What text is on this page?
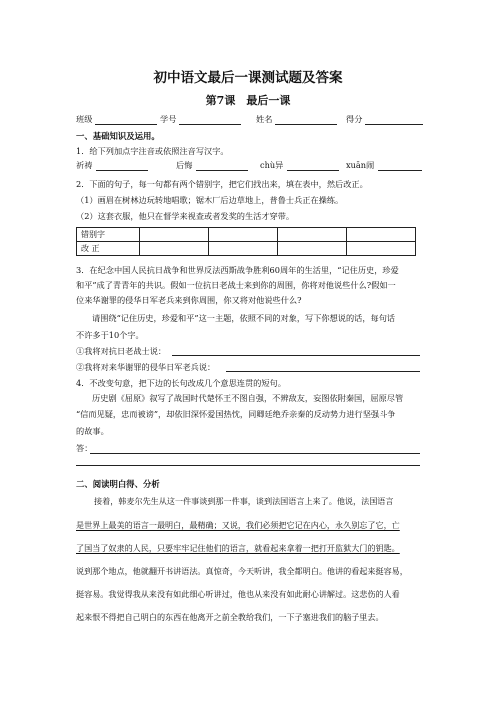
初中语文最后一课测试题及答案
第7课　最后一课
班级	学号	姓名	得分
一、基础知识及运用。
1．给下列加点字注音或依照注音写汉字。
祈祷	后悔	chù异	xuān闹
2．下面的句子，每一句都有两个错别字，把它们找出来，填在表中，然后改正。
（1）画眉在树林边玩转地唱歌；锯木厂后边草地上，普鲁士兵正在操练。
（2）这套衣服，他只在督学来视查或者发奖的生活才穿带。
错别字				
改 正				
3．在纪念中国人民抗日战争和世界反法西斯战争胜利60周年的生活里，“记住历史，珍爱
和平”成了青青年的共识。假如一位抗日老战士来到你的周围，你将对他说些什么?假如一
位来华谢罪的侵华日军老兵来到你周围，你又将对他说些什么?
请围绕“记住历史，珍爱和平”这一主题，依照不同的对象，写下你想说的话，每句话
不许多于10个字。
①我将对抗日老战士说：
②我将对来华谢罪的侵华日军老兵说：
4．不改变句意，把下边的长句改成几个意思连贯的短句。
历史剧《屈原》叙写了战国时代楚怀王不图自强，不辨敌友，妄图依附秦国，屈原尽管
“信而见疑，忠而被谤”，却依旧深怀爱国热忱，同卿廷绝乔亲秦的反动势力进行坚强斗争
的故事。
答：
二、阅读明白得、分析
接着，韩麦尔先生从这一件事谈到那一件事，谈到法国语言上来了。他说，法国语言
是世界上最美的语言一最明白，最精确；又说，我们必须把它记在内心，永久别忘了它，亡
了国当了奴隶的人民，只要牢牢记住他们的语言，就看起来拿着一把打开监狱大门的钥匙。
说到那个地点，他就翻开书讲语法。真惊奇，今天听讲，我全都明白。他讲的看起来挺容易，
挺容易。我觉得我从来没有如此细心听讲过，他也从来没有如此耐心讲解过。这悲伤的人看
起来恨不得把自己明白的东西在他离开之前全教给我们，一下子塞进我们的脑子里去。
